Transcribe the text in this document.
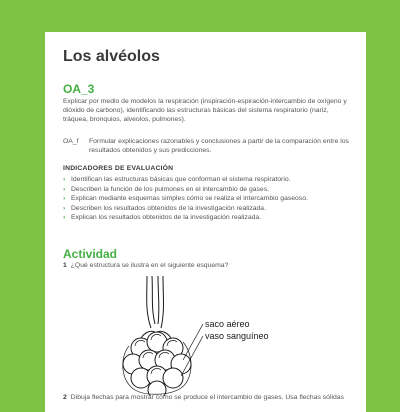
Los alvéolos
OA_3
Explicar por medio de modelos la respiración (inspiración-espiración-intercambio de oxígeno y dióxido de carbono), identificando las estructuras básicas del sistema respiratorio (nariz, tráquea, bronquios, alveolos, pulmones).
OA_f Formular explicaciones razonables y conclusiones a partir de la comparación entre los resultados obtenidos y sus predicciones.
INDICADORES DE EVALUACIÓN
› Identifican las estructuras básicas que conforman el sistema respiratorio.
› Describen la función de los pulmones en el intercambio de gases.
› Explican mediante esquemas simples cómo se realiza el intercambio gaseoso.
› Describen los resultados obtenidos de la investigación realizada.
› Explican los resultados obtenidos de la investigación realizada.
Actividad
1 ¿Qué estructura se ilustra en el siguiente esquema?
saco aéreo
vaso sanguíneo
2 Dibuja flechas para mostrar cómo se produce el intercambio de gases. Usa flechas sólidas
